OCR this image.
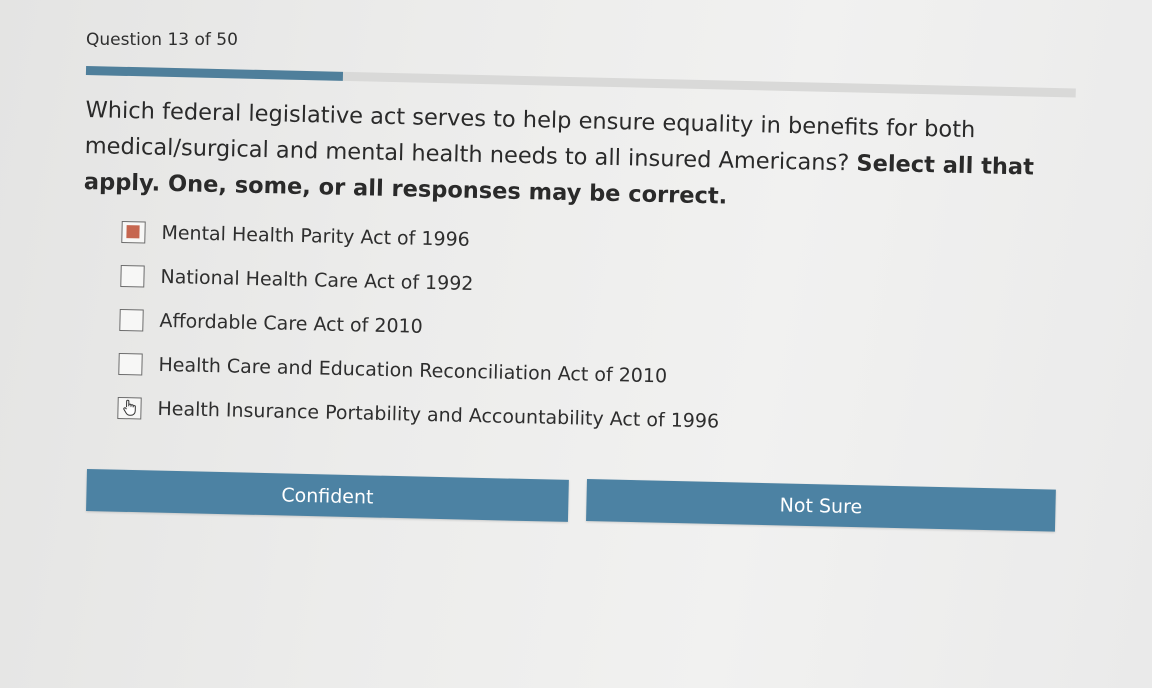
Question 13 of 50
Which federal legislative act serves to help ensure equality in benefits for both medical/surgical and mental health needs to all insured Americans? Select all that apply. One, some, or all responses may be correct.
Mental Health Parity Act of 1996
National Health Care Act of 1992
Affordable Care Act of 2010
Health Care and Education Reconciliation Act of 2010
Health Insurance Portability and Accountability Act of 1996
Confident	Not Sure
